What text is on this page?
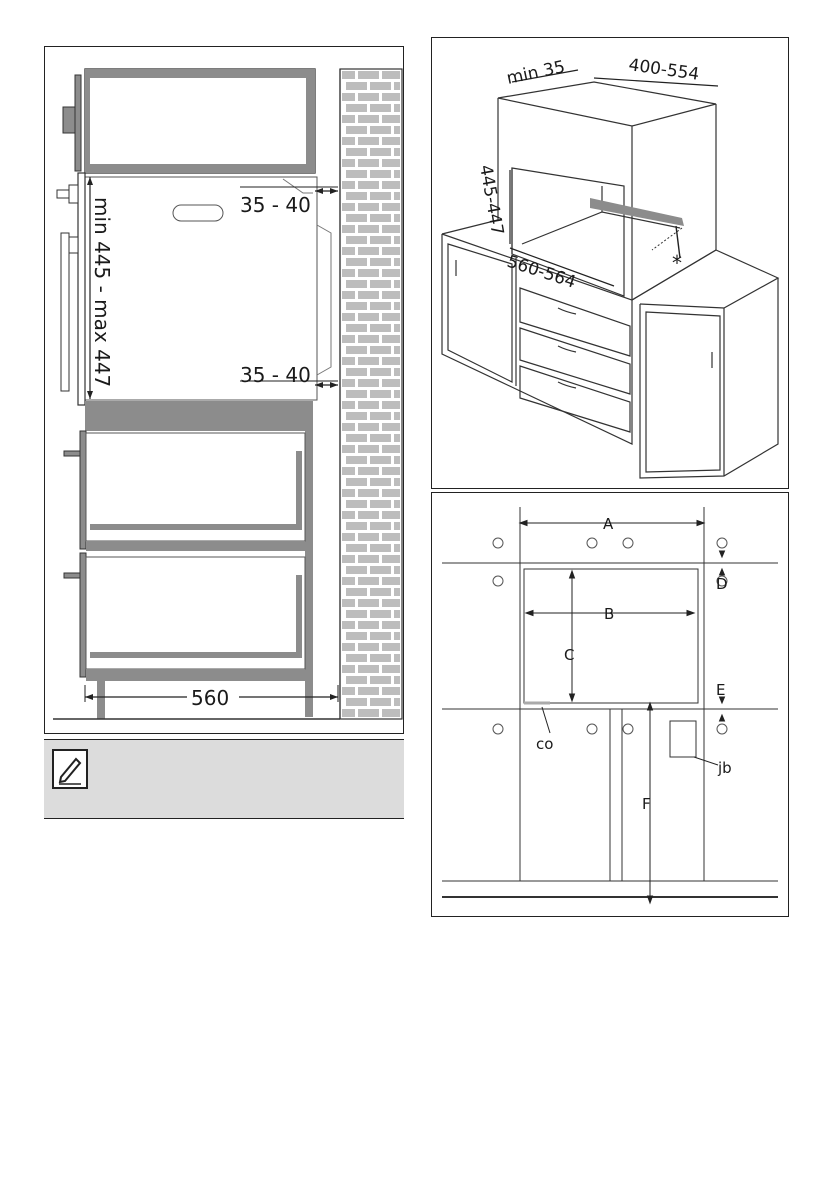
min 445 - max 447	35 - 40
35 - 40
560
*
min 35	400-554
445-447
560-564
A
B
C
D
E
F
co
jb
